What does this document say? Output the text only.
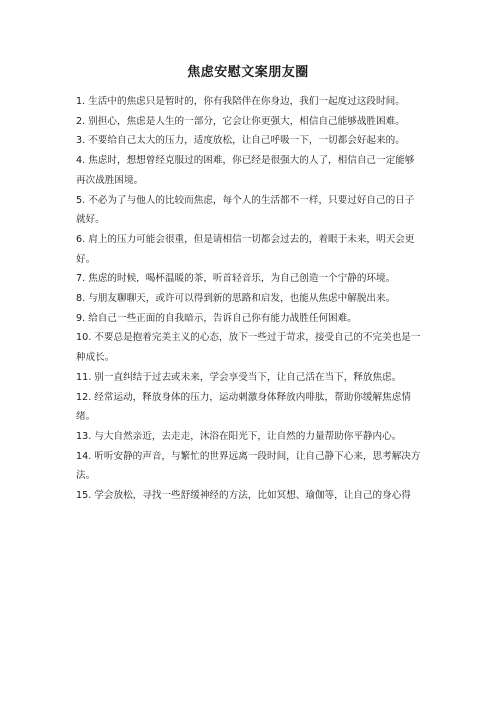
焦虑安慰文案朋友圈

1. 生活中的焦虑只是暂时的，你有我陪伴在你身边，我们一起度过这段时间。

2. 别担心，焦虑是人生的一部分，它会让你更强大，相信自己能够战胜困难。

3. 不要给自己太大的压力，适度放松，让自己呼吸一下，一切都会好起来的。

4. 焦虑时，想想曾经克服过的困难，你已经是很强大的人了，相信自己一定能够再次战胜困境。

5. 不必为了与他人的比较而焦虑，每个人的生活都不一样，只要过好自己的日子就好。

6. 肩上的压力可能会很重，但是请相信一切都会过去的，着眼于未来，明天会更好。

7. 焦虑的时候，喝杯温暖的茶，听首轻音乐，为自己创造一个宁静的环境。

8. 与朋友聊聊天，或许可以得到新的思路和启发，也能从焦虑中解脱出来。

9. 给自己一些正面的自我暗示，告诉自己你有能力战胜任何困难。

10. 不要总是抱着完美主义的心态，放下一些过于苛求，接受自己的不完美也是一种成长。

11. 别一直纠结于过去或未来，学会享受当下，让自己活在当下，释放焦虑。

12. 经常运动，释放身体的压力，运动刺激身体释放内啡肽，帮助你缓解焦虑情绪。

13. 与大自然亲近，去走走，沐浴在阳光下，让自然的力量帮助你平静内心。

14. 听听安静的声音，与繁忙的世界远离一段时间，让自己静下心来，思考解决方法。

15. 学会放松，寻找一些舒缓神经的方法，比如冥想、瑜伽等，让自己的身心得
